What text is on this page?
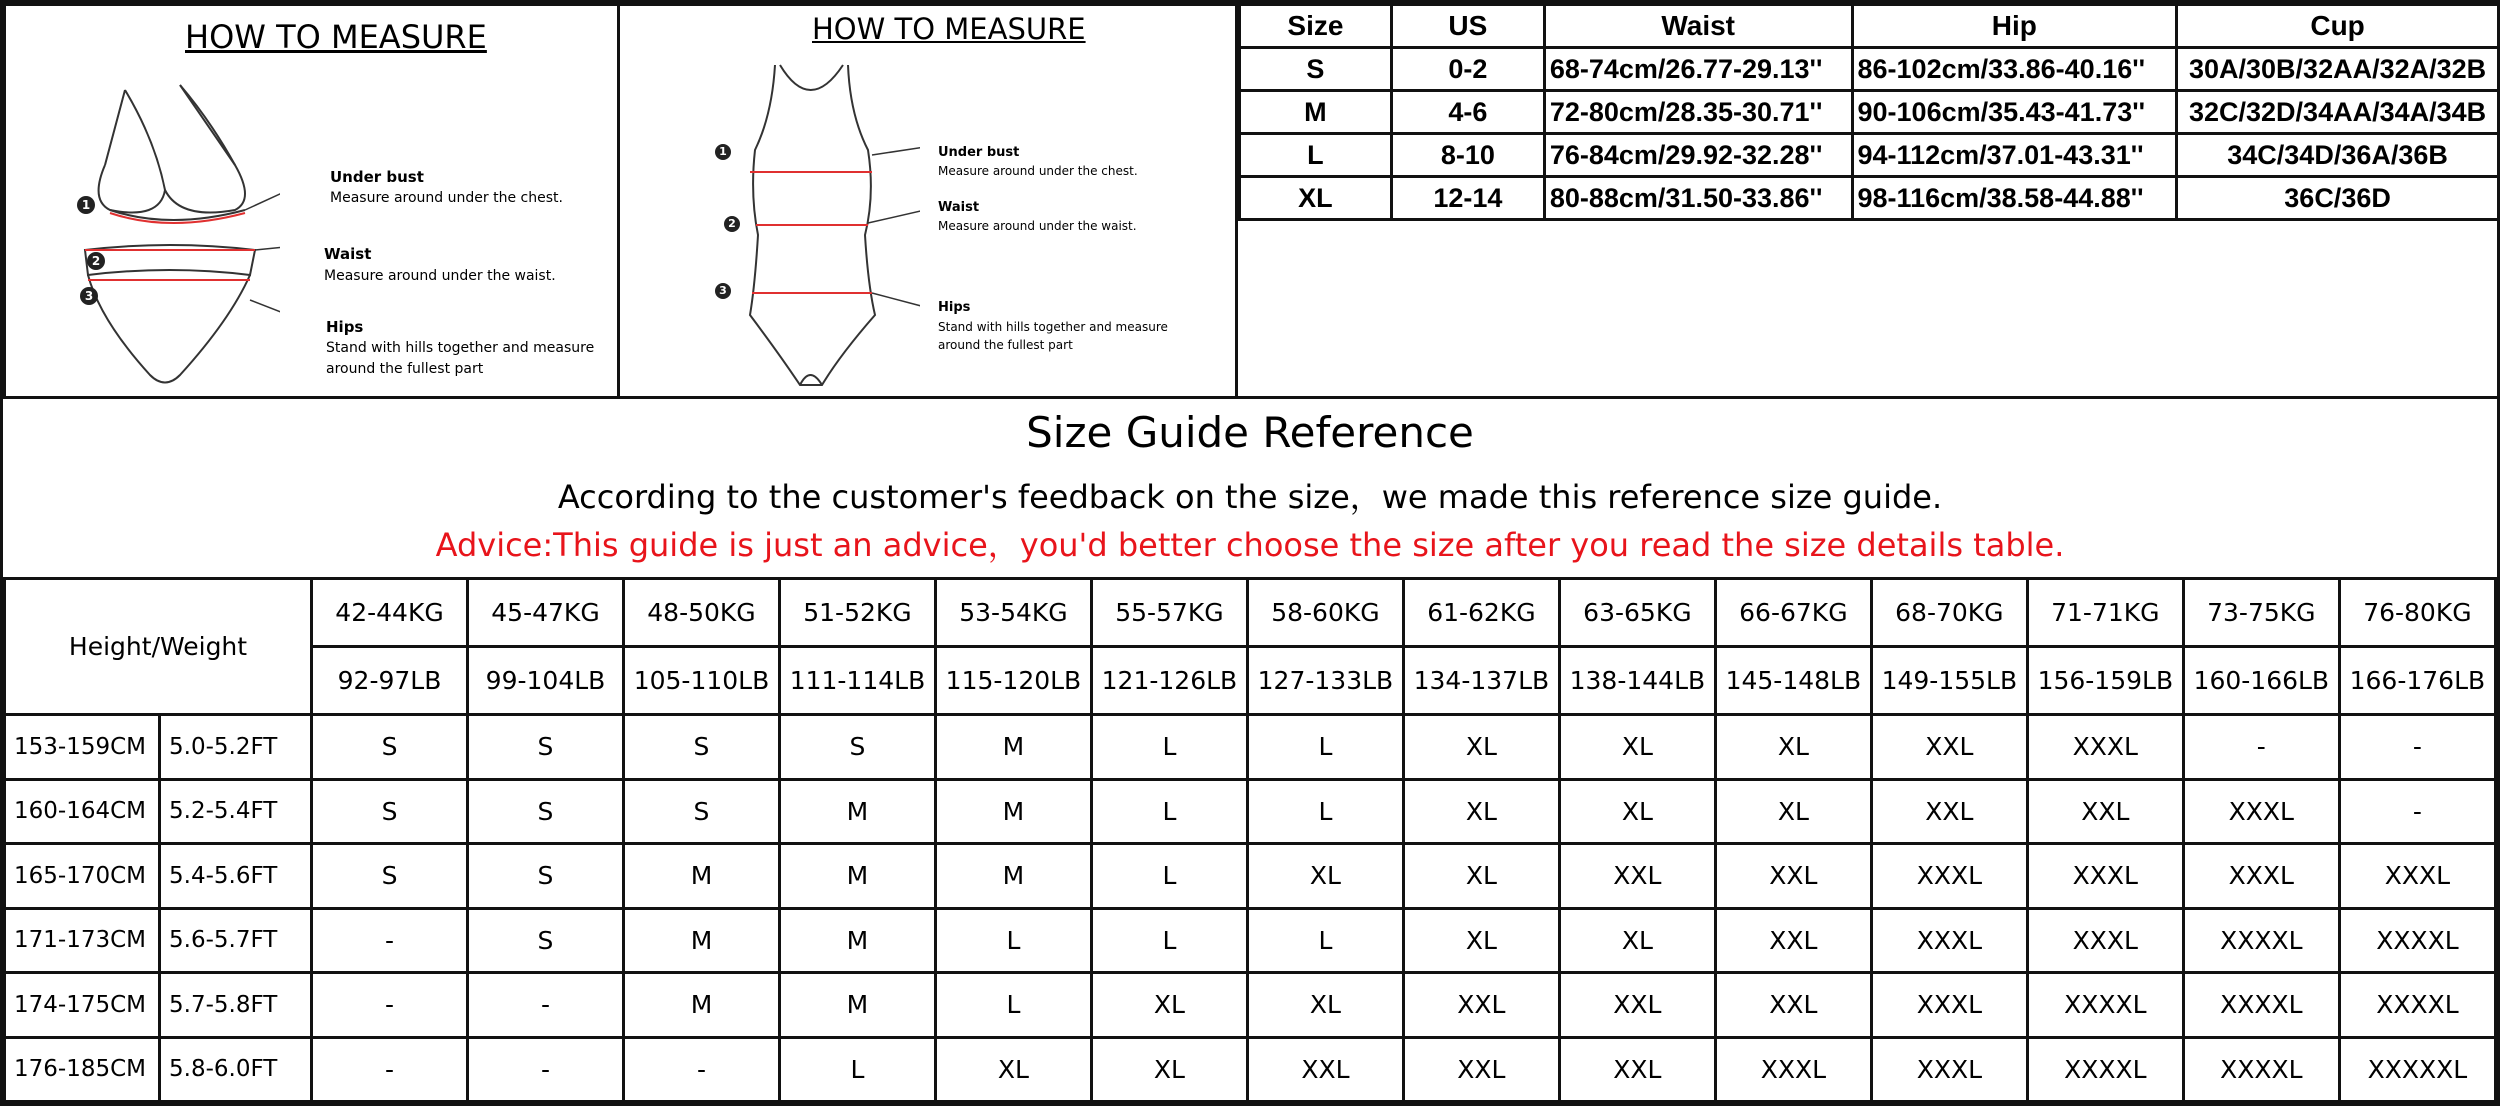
HOW TO MEASURE
1
2
3
Under bust
Measure around under the chest.
Waist
Measure around under the waist.
Hips
Stand with hills together and measure around the fullest part
HOW TO MEASURE
1
2
3
Under bust
Measure around under the chest.
Waist
Measure around under the waist.
Hips
Stand with hills together and measure around the fullest part
Size	US	Waist	Hip	Cup
S	0-2	68-74cm/26.77-29.13''	86-102cm/33.86-40.16''	30A/30B/32AA/32A/32B
M	4-6	72-80cm/28.35-30.71''	90-106cm/35.43-41.73''	32C/32D/34AA/34A/34B
L	8-10	76-84cm/29.92-32.28''	94-112cm/37.01-43.31''	34C/34D/36A/36B
XL	12-14	80-88cm/31.50-33.86''	98-116cm/38.58-44.88''	36C/36D
Size Guide Reference
According to the customer's feedback on the size，we made this reference size guide.
Advice:This guide is just an advice，you'd better choose the size after you read the size details table.
Height/Weight		42-44KG	45-47KG	48-50KG	51-52KG	53-54KG	55-57KG	58-60KG	61-62KG	63-65KG	66-67KG	68-70KG	71-71KG	73-75KG	76-80KG
		92-97LB	99-104LB	105-110LB	111-114LB	115-120LB	121-126LB	127-133LB	134-137LB	138-144LB	145-148LB	149-155LB	156-159LB	160-166LB	166-176LB
153-159CM	5.0-5.2FT	S	S	S	S	M	L	L	XL	XL	XL	XXL	XXXL	-	-
160-164CM	5.2-5.4FT	S	S	S	M	M	L	L	XL	XL	XL	XXL	XXL	XXXL	-
165-170CM	5.4-5.6FT	S	S	M	M	M	L	XL	XL	XXL	XXL	XXXL	XXXL	XXXL	XXXL
171-173CM	5.6-5.7FT	-	S	M	M	L	L	L	XL	XL	XXL	XXXL	XXXL	XXXXL	XXXXL
174-175CM	5.7-5.8FT	-	-	M	M	L	XL	XL	XXL	XXL	XXL	XXXL	XXXXL	XXXXL	XXXXL
176-185CM	5.8-6.0FT	-	-	-	L	XL	XL	XXL	XXL	XXL	XXXL	XXXL	XXXXL	XXXXL	XXXXXL
